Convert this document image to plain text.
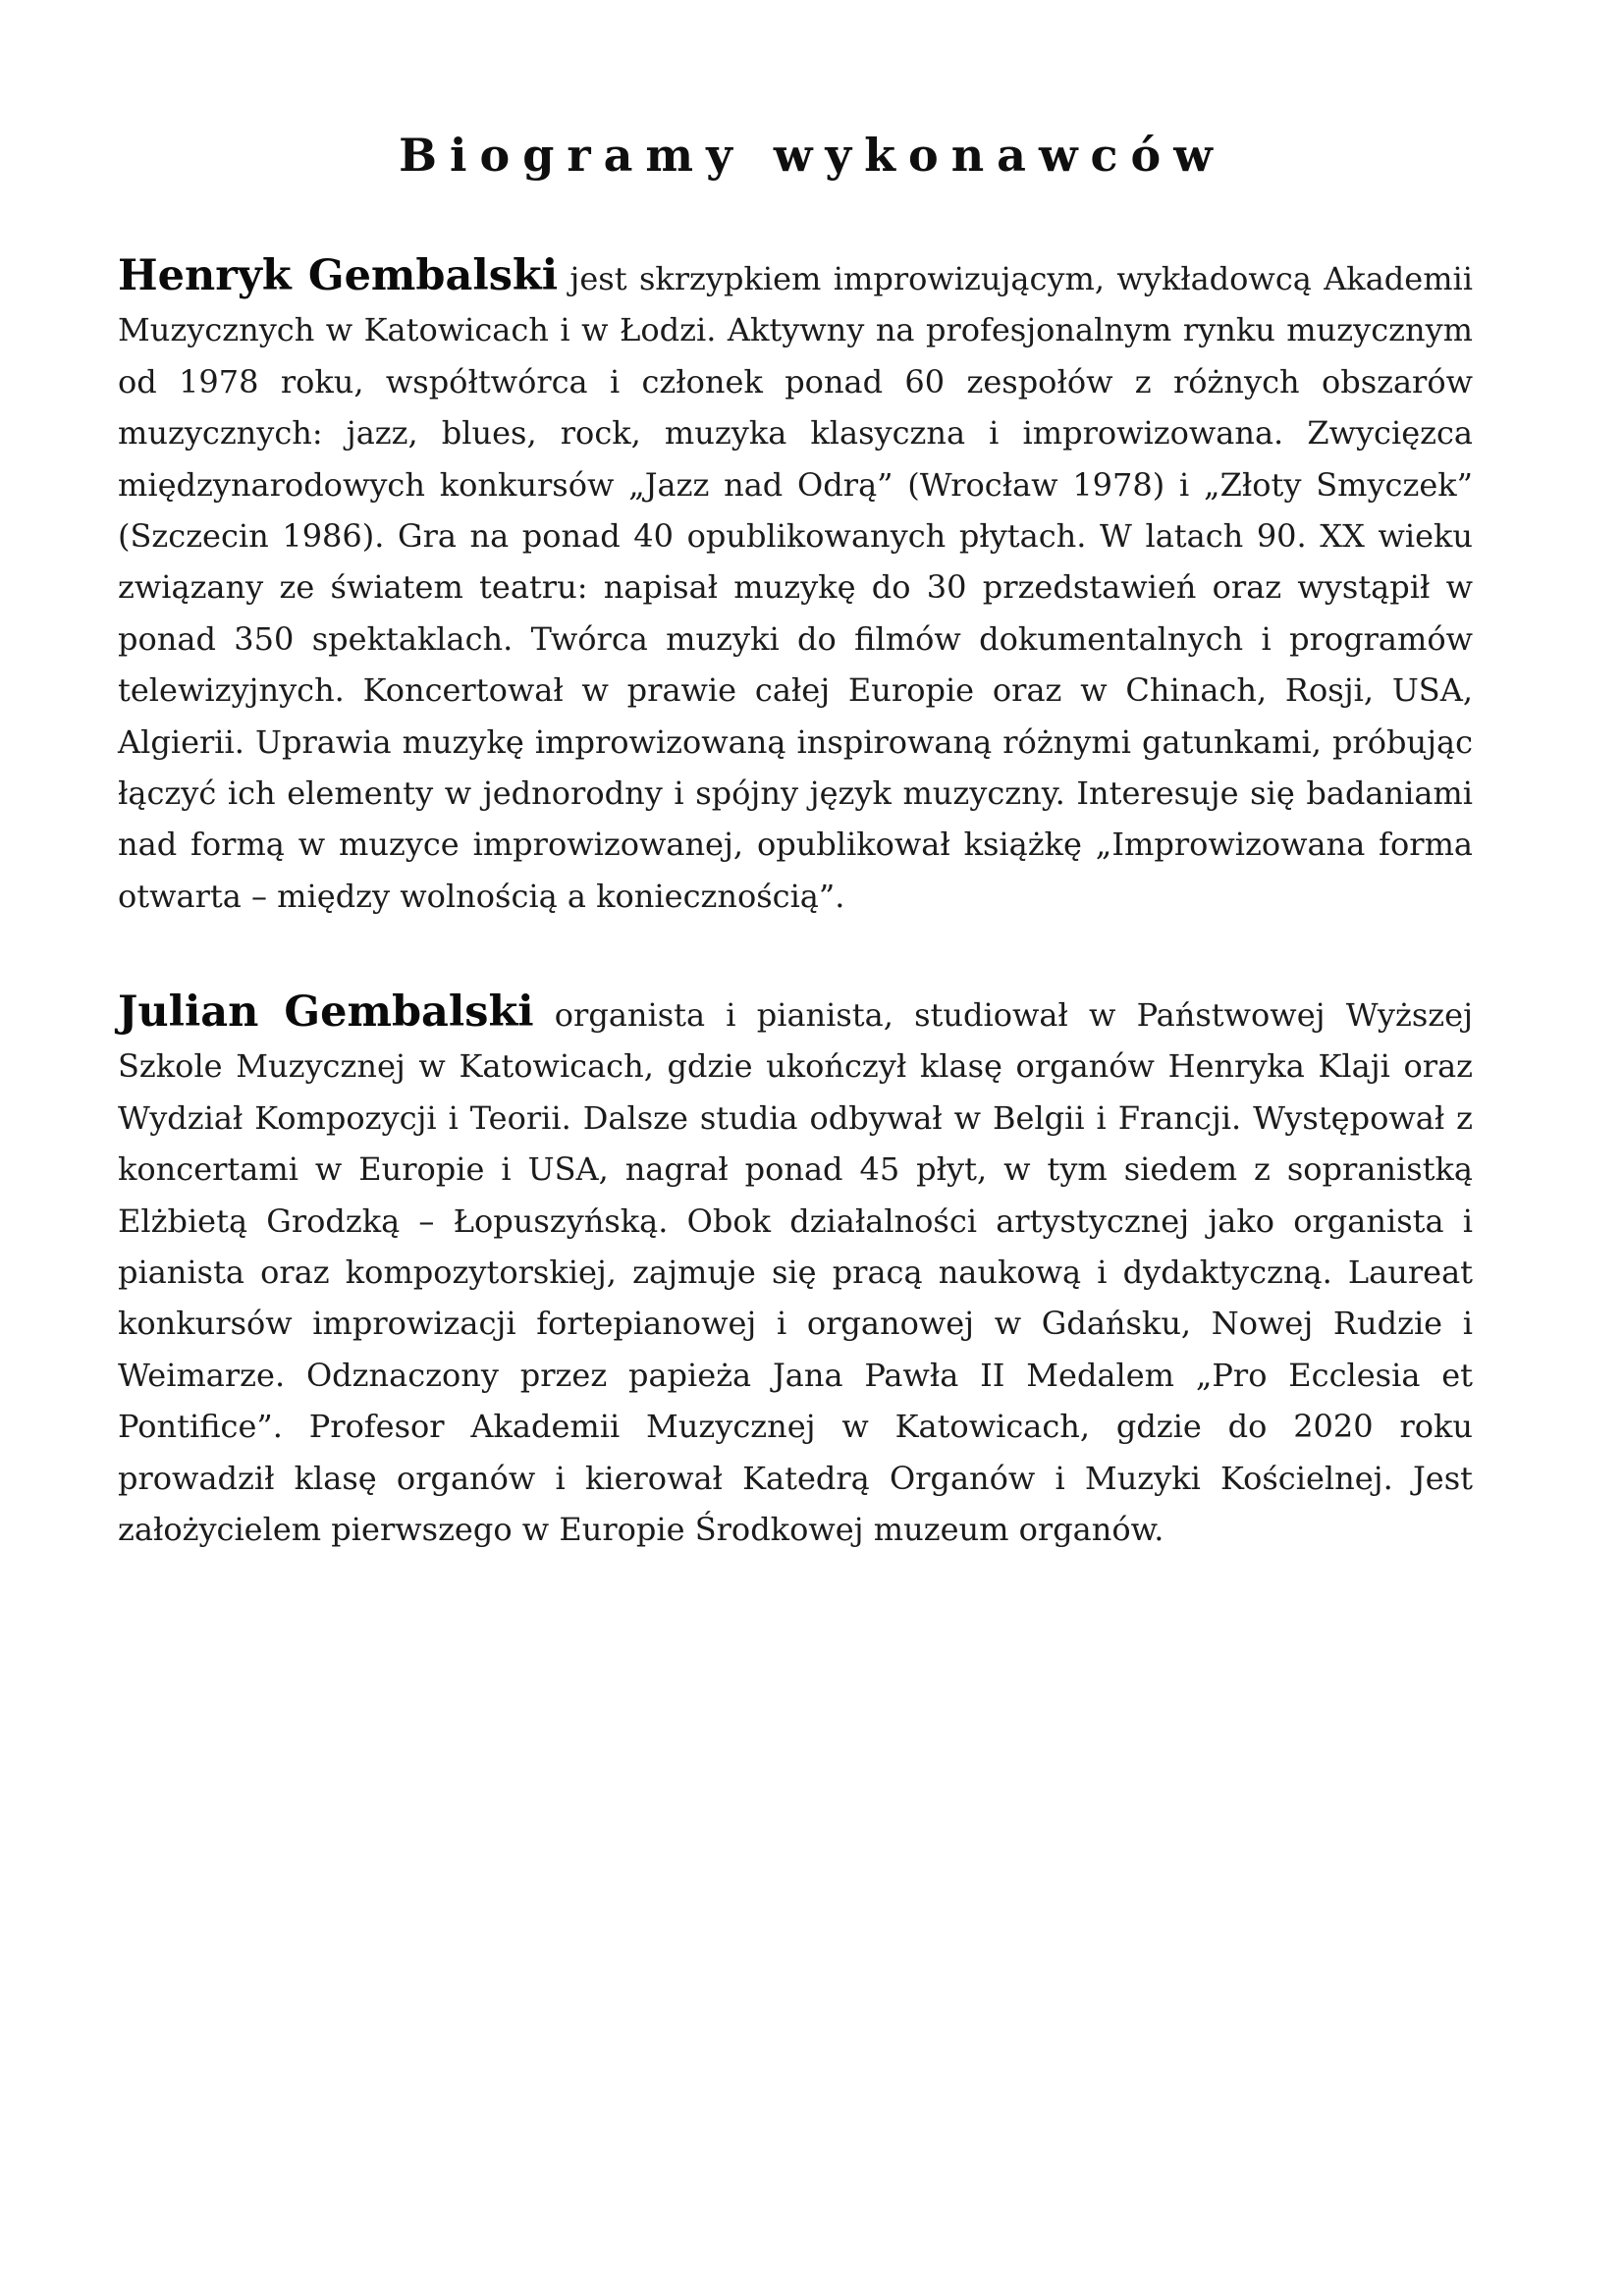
Biogramy wykonawców

Henryk Gembalski jest skrzypkiem improwizującym, wykładowcą Akademii Muzycznych w Katowicach i w Łodzi. Aktywny na profesjonalnym rynku muzycznym od 1978 roku, współtwórca i członek ponad 60 zespołów z różnych obszarów muzycznych: jazz, blues, rock, muzyka klasyczna i improwizowana. Zwycięzca międzynarodowych konkursów „Jazz nad Odrą” (Wrocław 1978) i „Złoty Smyczek” (Szczecin 1986). Gra na ponad 40 opublikowanych płytach. W latach 90. XX wieku związany ze światem teatru: napisał muzykę do 30 przedstawień oraz wystąpił w ponad 350 spektaklach. Twórca muzyki do filmów dokumentalnych i programów telewizyjnych. Koncertował w prawie całej Europie oraz w Chinach, Rosji, USA, Algierii. Uprawia muzykę improwizowaną inspirowaną różnymi gatunkami, próbując łączyć ich elementy w jednorodny i spójny język muzyczny. Interesuje się badaniami nad formą w muzyce improwizowanej, opublikował książkę „Improwizowana forma otwarta – między wolnością a koniecznością”.

Julian Gembalski organista i pianista, studiował w Państwowej Wyższej Szkole Muzycznej w Katowicach, gdzie ukończył klasę organów Henryka Klaji oraz Wydział Kompozycji i Teorii. Dalsze studia odbywał w Belgii i Francji. Występował z koncertami w Europie i USA, nagrał ponad 45 płyt, w tym siedem z sopranistką Elżbietą Grodzką – Łopuszyńską. Obok działalności artystycznej jako organista i pianista oraz kompozytorskiej, zajmuje się pracą naukową i dydaktyczną. Laureat konkursów improwizacji fortepianowej i organowej w Gdańsku, Nowej Rudzie i Weimarze. Odznaczony przez papieża Jana Pawła II Medalem „Pro Ecclesia et Pontifice”. Profesor Akademii Muzycznej w Katowicach, gdzie do 2020 roku prowadził klasę organów i kierował Katedrą Organów i Muzyki Kościelnej. Jest założycielem pierwszego w Europie Środkowej muzeum organów.
